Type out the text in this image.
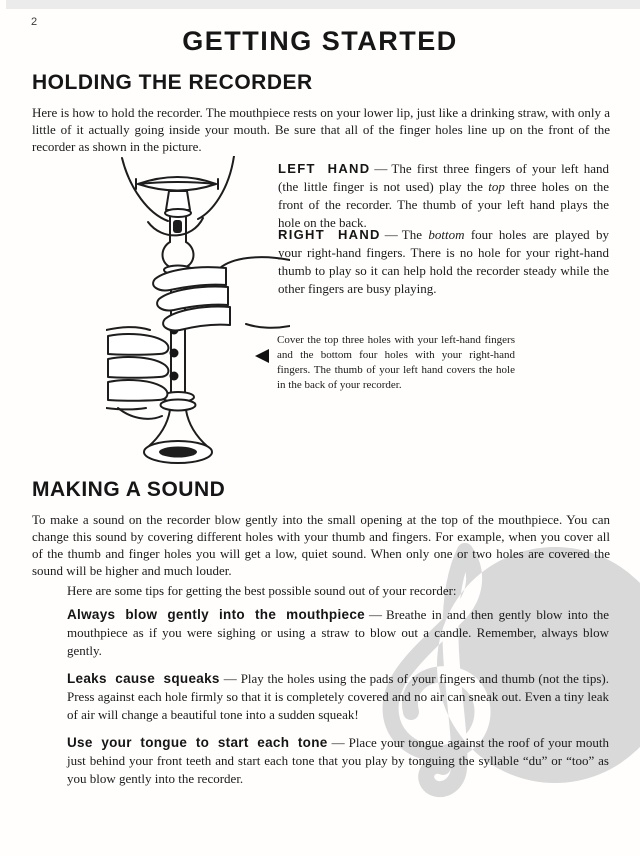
2
GETTING STARTED
HOLDING THE RECORDER

Here is how to hold the recorder. The mouthpiece rests on your lower lip, just like a drinking straw, with only a little of it actually going inside your mouth. Be sure that all of the finger holes line up on the front of the recorder as shown in the picture.

LEFT HAND — The first three fingers of your left hand (the little finger is not used) play the top three holes on the front of the recorder. The thumb of your left hand plays the hole on the back.

RIGHT HAND — The bottom four holes are played by your right-hand fingers. There is no hole for your right-hand thumb to play so it can help hold the recorder steady while the other fingers are busy playing.

Cover the top three holes with your left-hand fingers and the bottom four holes with your right-hand fingers. The thumb of your left hand covers the hole in the back of your recorder.

MAKING A SOUND

To make a sound on the recorder blow gently into the small opening at the top of the mouthpiece. You can change this sound by covering different holes with your thumb and fingers. For example, when you cover all of the thumb and finger holes you will get a low, quiet sound. When only one or two holes are covered the sound will be higher and much louder.

Here are some tips for getting the best possible sound out of your recorder:

Always blow gently into the mouthpiece — Breathe in and then gently blow into the mouthpiece as if you were sighing or using a straw to blow out a candle. Remember, always blow gently.

Leaks cause squeaks — Play the holes using the pads of your fingers and thumb (not the tips). Press against each hole firmly so that it is completely covered and no air can sneak out. Even a tiny leak of air will change a beautiful tone into a sudden squeak!

Use your tongue to start each tone — Place your tongue against the roof of your mouth just behind your front teeth and start each tone that you play by tonguing the syllable “du” or “too” as you blow gently into the recorder.
